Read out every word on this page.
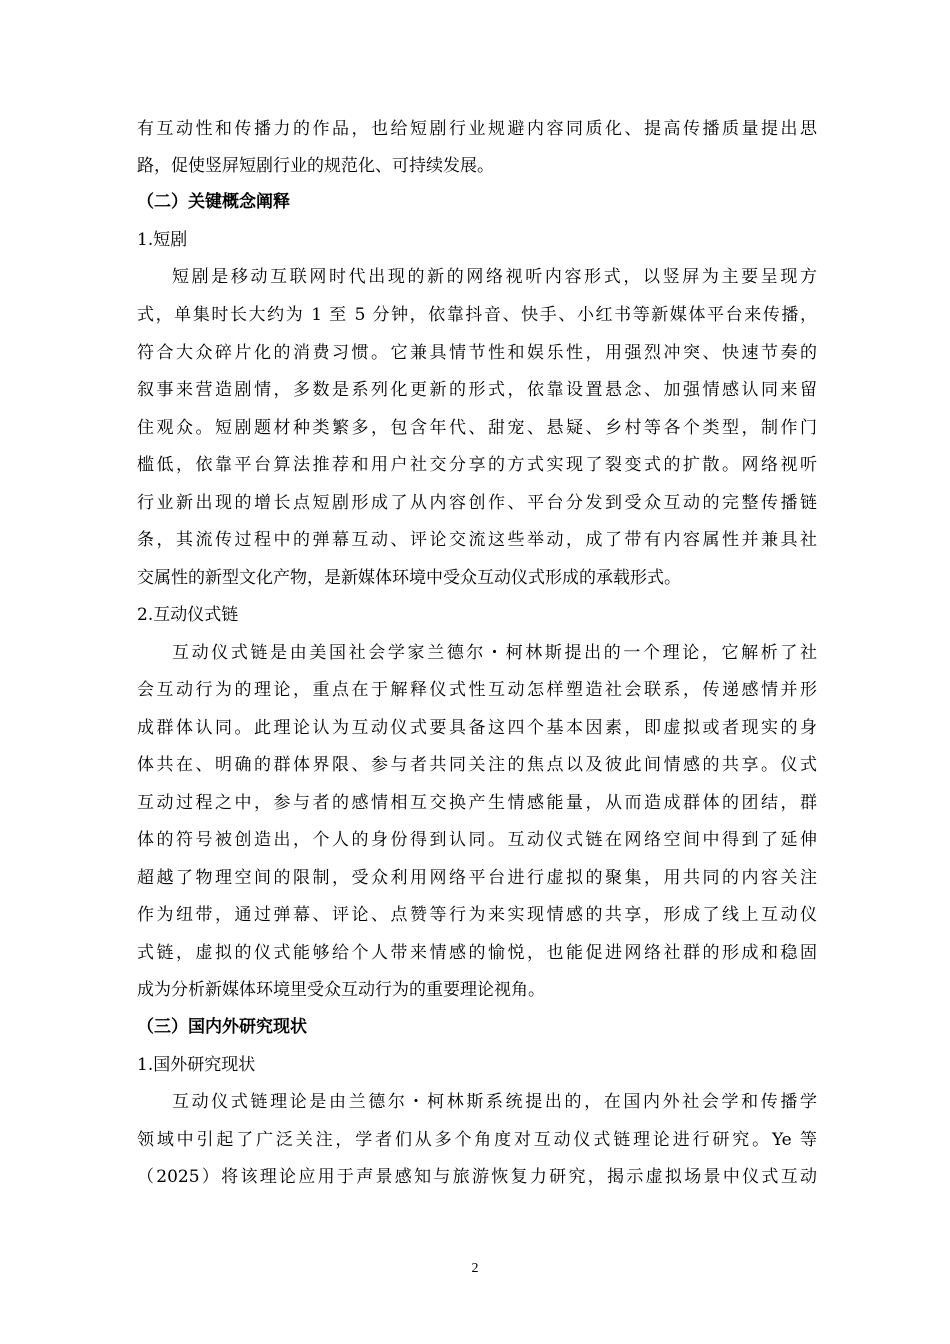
有互动性和传播力的作品，也给短剧行业规避内容同质化、提高传播质量提出思
路，促使竖屏短剧行业的规范化、可持续发展。
（二）关键概念阐释
1.短剧
短剧是移动互联网时代出现的新的网络视听内容形式，以竖屏为主要呈现方
式，单集时长大约为 1 至 5 分钟，依靠抖音、快手、小红书等新媒体平台来传播，
符合大众碎片化的消费习惯。它兼具情节性和娱乐性，用强烈冲突、快速节奏的
叙事来营造剧情，多数是系列化更新的形式，依靠设置悬念、加强情感认同来留
住观众。短剧题材种类繁多，包含年代、甜宠、悬疑、乡村等各个类型，制作门
槛低，依靠平台算法推荐和用户社交分享的方式实现了裂变式的扩散。网络视听
行业新出现的增长点短剧形成了从内容创作、平台分发到受众互动的完整传播链
条，其流传过程中的弹幕互动、评论交流这些举动，成了带有内容属性并兼具社
交属性的新型文化产物，是新媒体环境中受众互动仪式形成的承载形式。
2.互动仪式链
互动仪式链是由美国社会学家兰德尔・柯林斯提出的一个理论，它解析了社
会互动行为的理论，重点在于解释仪式性互动怎样塑造社会联系，传递感情并形
成群体认同。此理论认为互动仪式要具备这四个基本因素，即虚拟或者现实的身
体共在、明确的群体界限、参与者共同关注的焦点以及彼此间情感的共享。仪式
互动过程之中，参与者的感情相互交换产生情感能量，从而造成群体的团结，群
体的符号被创造出，个人的身份得到认同。互动仪式链在网络空间中得到了延伸
超越了物理空间的限制，受众利用网络平台进行虚拟的聚集，用共同的内容关注
作为纽带，通过弹幕、评论、点赞等行为来实现情感的共享，形成了线上互动仪
式链，虚拟的仪式能够给个人带来情感的愉悦，也能促进网络社群的形成和稳固
成为分析新媒体环境里受众互动行为的重要理论视角。
（三）国内外研究现状
1.国外研究现状
互动仪式链理论是由兰德尔・柯林斯系统提出的，在国内外社会学和传播学
领域中引起了广泛关注，学者们从多个角度对互动仪式链理论进行研究。Ye 等
（2025）将该理论应用于声景感知与旅游恢复力研究，揭示虚拟场景中仪式互动
2
